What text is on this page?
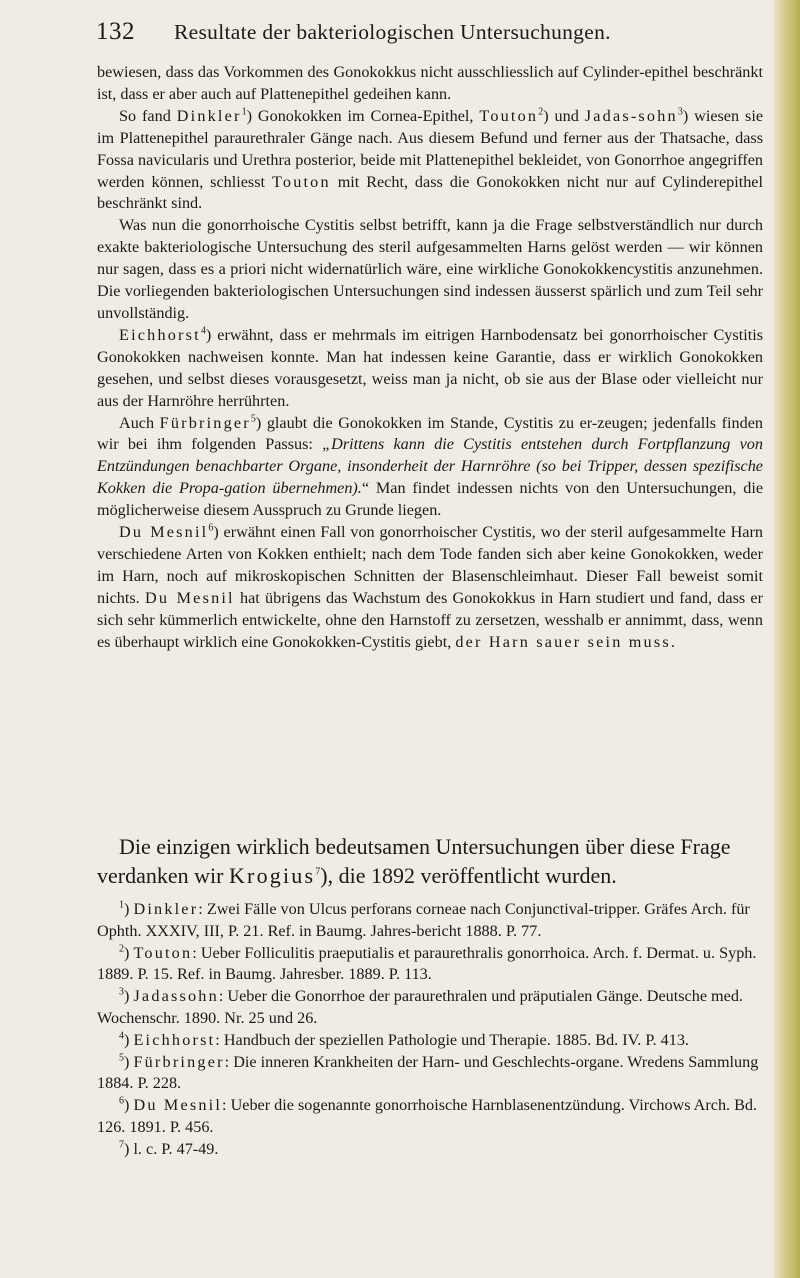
132 Resultate der bakteriologischen Untersuchungen.

bewiesen, dass das Vorkommen des Gonokokkus nicht ausschliesslich auf Cylinder-epithel beschränkt ist, dass er aber auch auf Plattenepithel gedeihen kann.

So fand Dinkler$^1$) Gonokokken im Cornea-Epithel, Touton$^2$) und Jadas-sohn$^3$) wiesen sie im Plattenepithel paraurethraler Gänge nach. Aus diesem Befund und ferner aus der Thatsache, dass Fossa navicularis und Urethra posterior, beide mit Plattenepithel bekleidet, von Gonorrhoe angegriffen werden können, schliesst Touton mit Recht, dass die Gonokokken nicht nur auf Cylinderepithel beschränkt sind.

Was nun die gonorrhoische Cystitis selbst betrifft, kann ja die Frage selbstverständlich nur durch exakte bakteriologische Untersuchung des steril aufgesammelten Harns gelöst werden — wir können nur sagen, dass es a priori nicht widernatürlich wäre, eine wirkliche Gonokokkencystitis anzunehmen. Die vorliegenden bakteriologischen Untersuchungen sind indessen äusserst spärlich und zum Teil sehr unvollständig.

Eichhorst$^4$) erwähnt, dass er mehrmals im eitrigen Harnbodensatz bei gonorrhoischer Cystitis Gonokokken nachweisen konnte. Man hat indessen keine Garantie, dass er wirklich Gonokokken gesehen, und selbst dieses vorausgesetzt, weiss man ja nicht, ob sie aus der Blase oder vielleicht nur aus der Harnröhre herrührten.

Auch Fürbringer$^5$) glaubt die Gonokokken im Stande, Cystitis zu er-zeugen; jedenfalls finden wir bei ihm folgenden Passus: „Drittens kann die Cystitis entstehen durch Fortpflanzung von Entzündungen benachbarter Organe, insonderheit der Harnröhre (so bei Tripper, dessen spezifische Kokken die Propa-gation übernehmen).“ Man findet indessen nichts von den Untersuchungen, die möglicherweise diesem Ausspruch zu Grunde liegen.

Du Mesnil$^6$) erwähnt einen Fall von gonorrhoischer Cystitis, wo der steril aufgesammelte Harn verschiedene Arten von Kokken enthielt; nach dem Tode fanden sich aber keine Gonokokken, weder im Harn, noch auf mikroskopischen Schnitten der Blasenschleimhaut. Dieser Fall beweist somit nichts. Du Mesnil hat übrigens das Wachstum des Gonokokkus in Harn studiert und fand, dass er sich sehr kümmerlich entwickelte, ohne den Harnstoff zu zersetzen, wesshalb er annimmt, dass, wenn es überhaupt wirklich eine Gonokokken-Cystitis giebt, der Harn sauer sein muss.

Die einzigen wirklich bedeutsamen Untersuchungen über diese Frage verdanken wir Krogius$^7$), die 1892 veröffentlicht wurden.

$^1$) Dinkler: Zwei Fälle von Ulcus perforans corneae nach Conjunctival-tripper. Gräfes Arch. für Ophth. XXXIV, III, P. 21. Ref. in Baumg. Jahres-bericht 1888. P. 77.

$^2$) Touton: Ueber Folliculitis praeputialis et paraurethralis gonorrhoica. Arch. f. Dermat. u. Syph. 1889. P. 15. Ref. in Baumg. Jahresber. 1889. P. 113.

$^3$) Jadassohn: Ueber die Gonorrhoe der paraurethralen und präputialen Gänge. Deutsche med. Wochenschr. 1890. Nr. 25 und 26.

$^4$) Eichhorst: Handbuch der speziellen Pathologie und Therapie. 1885. Bd. IV. P. 413.

$^5$) Fürbringer: Die inneren Krankheiten der Harn- und Geschlechts-organe. Wredens Sammlung 1884. P. 228.

$^6$) Du Mesnil: Ueber die sogenannte gonorrhoische Harnblasenentzündung. Virchows Arch. Bd. 126. 1891. P. 456.

$^7$) l. c. P. 47-49.
